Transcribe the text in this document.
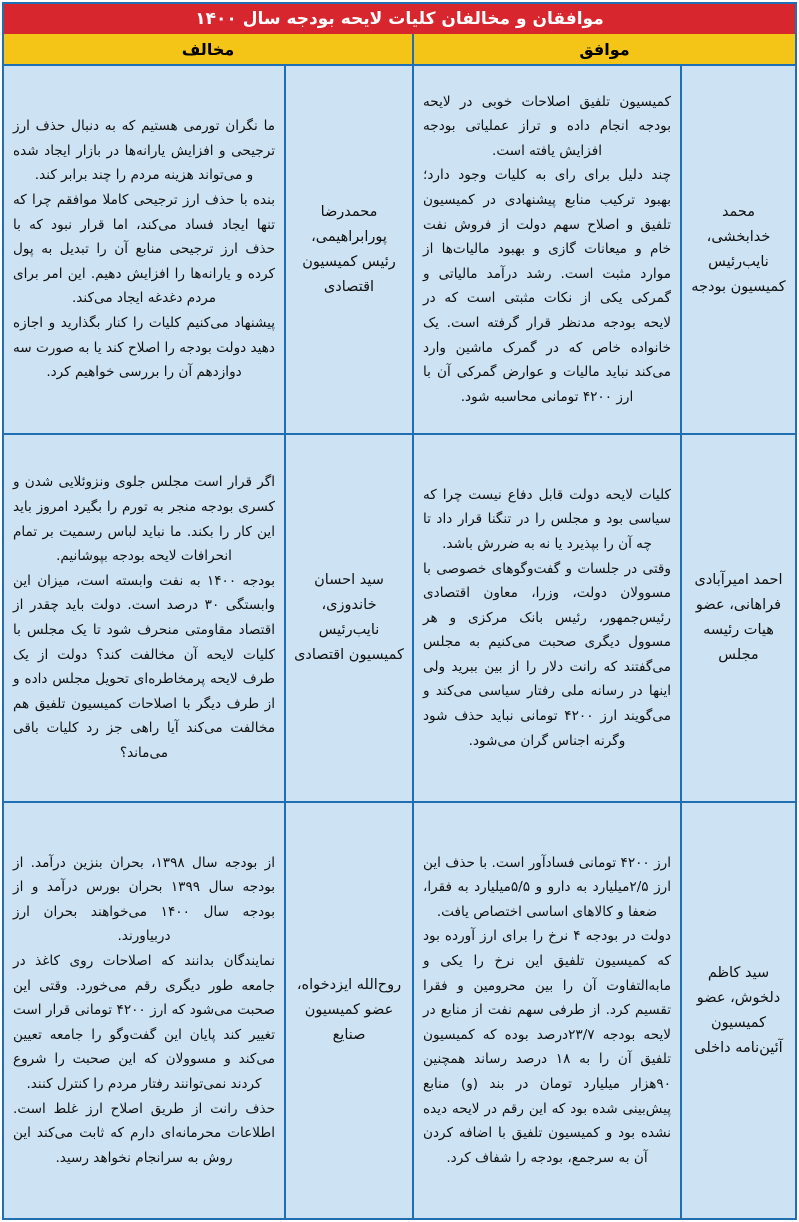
موافقان و مخالفان کلیات لایحه بودجه سال ۱۴۰۰
موافق
مخالف
محمد خدابخشی، نایب‌رئیس کمیسیون بودجه
کمیسیون تلفیق اصلاحات خوبی در لایحه بودجه انجام داده و تراز عملیاتی بودجه افزایش یافته است.
چند دلیل برای رای به کلیات وجود دارد؛ بهبود ترکیب منابع پیشنهادی در کمیسیون تلفیق و اصلاح سهم دولت از فروش نفت خام و میعانات گازی و بهبود مالیات‌ها از موارد مثبت است. رشد درآمد مالیاتی و گمرکی یکی از نکات مثبتی است که در لایحه بودجه مدنظر قرار گرفته است. یک خانواده خاص که در گمرک ماشین وارد می‌کند نباید مالیات و عوارض گمرکی آن با ارز ۴۲۰۰ تومانی محاسبه شود.
محمدرضا پورابراهیمی، رئیس کمیسیون اقتصادی
ما نگران تورمی هستیم که به دنبال حذف ارز ترجیحی و افزایش یارانه‌ها در بازار ایجاد شده و می‌تواند هزینه مردم را چند برابر کند.
بنده با حذف ارز ترجیحی کاملا موافقم چرا که تنها ایجاد فساد می‌کند، اما قرار نبود که با حذف ارز ترجیحی منابع آن را تبدیل به پول کرده و یارانه‌ها را افزایش دهیم. این امر برای مردم دغدغه ایجاد می‌کند.
پیشنهاد می‌کنیم کلیات را کنار بگذارید و اجازه دهید دولت بودجه را اصلاح کند یا به صورت سه دوازدهم آن را بررسی خواهیم کرد.
احمد امیرآبادی فراهانی، عضو هیات رئیسه مجلس
کلیات لایحه دولت قابل دفاع نیست چرا که سیاسی بود و مجلس را در تنگنا قرار داد تا چه آن را بپذیرد یا نه به ضررش باشد.
وقتی در جلسات و گفت‌وگوهای خصوصی با مسوولان دولت، وزرا، معاون اقتصادی رئیس‌جمهور، رئیس بانک مرکزی و هر مسوول دیگری صحبت می‌کنیم به مجلس می‌گفتند که رانت دلار را از بین ببرید ولی اینها در رسانه ملی رفتار سیاسی می‌کند و می‌گویند ارز ۴۲۰۰ تومانی نباید حذف شود وگرنه اجناس گران می‌شود.
سید احسان خاندوزی، نایب‌رئیس کمیسیون اقتصادی
اگر قرار است مجلس جلوی ونزوئلایی شدن و کسری بودجه منجر به تورم را بگیرد امروز باید این کار را بکند. ما نباید لباس رسمیت بر تمام انحرافات لایحه بودجه بپوشانیم.
بودجه ۱۴۰۰ به نفت وابسته است، میزان این وابستگی ۳۰ درصد است. دولت باید چقدر از اقتصاد مقاومتی منحرف شود تا یک مجلس با کلیات لایحه آن مخالفت کند؟ دولت از یک طرف لایحه پرمخاطره‌ای تحویل مجلس داده و از طرف دیگر با اصلاحات کمیسیون تلفیق هم مخالفت می‌کند آیا راهی جز رد کلیات باقی می‌ماند؟
سید کاظم دلخوش، عضو کمیسیون آئین‌نامه داخلی
ارز ۴۲۰۰ تومانی فسادآور است. با حذف این ارز ۲/۵میلیارد به دارو و ۵/۵میلیارد به فقرا، ضعفا و کالاهای اساسی اختصاص یافت.
دولت در بودجه ۴ نرخ را برای ارز آورده بود که کمیسیون تلفیق این نرخ را یکی و مابه‌التفاوت آن را بین محرومین و فقرا تقسیم کرد. از طرفی سهم نفت از منابع در لایحه بودجه ۲۳/۷درصد بوده که کمیسیون تلفیق آن را به ۱۸ درصد رساند همچنین ۹۰هزار میلیارد تومان در بند (و) منابع پیش‌بینی شده بود که این رقم در لایحه دیده نشده بود و کمیسیون تلفیق با اضافه کردن آن به سرجمع، بودجه را شفاف کرد.
روح‌الله ایزدخواه، عضو کمیسیون صنایع
از بودجه سال ۱۳۹۸، بحران بنزین درآمد. از بودجه سال ۱۳۹۹ بحران بورس درآمد و از بودجه سال ۱۴۰۰ می‌خواهند بحران ارز دربیاورند.
نمایندگان بدانند که اصلاحات روی کاغذ در جامعه طور دیگری رقم می‌خورد. وقتی این صحبت می‌شود که ارز ۴۲۰۰ تومانی قرار است تغییر کند پایان این گفت‌وگو را جامعه تعیین می‌کند و مسوولان که این صحبت را شروع کردند نمی‌توانند رفتار مردم را کنترل کنند.
حذف رانت از طریق اصلاح ارز غلط است. اطلاعات محرمانه‌ای دارم که ثابت می‌کند این روش به سرانجام نخواهد رسید.
